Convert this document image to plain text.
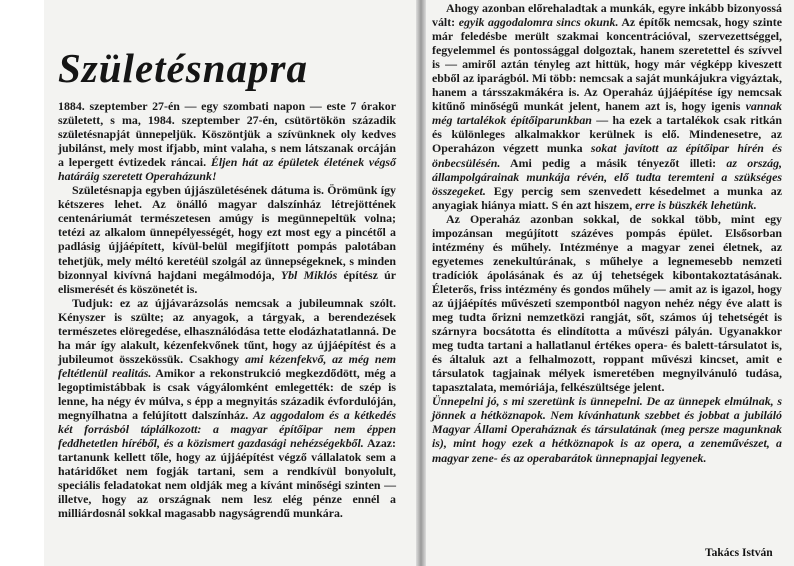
Születésnapra

1884. szeptember 27-én — egy szombati napon — este 7 órakor született, s ma, 1984. szeptember 27-én, csütörtökön századik születésnapját ünnepeljük. Köszöntjük a szívünknek oly kedves jubilánst, mely most ifjabb, mint valaha, s nem látszanak orcáján a lepergett évtizedek ráncai. Éljen hát az épületek életének végső határáig szeretett Operaházunk!

Születésnapja egyben újjászületésének dátuma is. Örömünk így kétszeres lehet. Az önálló magyar dalszínház létrejöttének centenáriumát természetesen amúgy is megünnepeltük volna; tetézi az alkalom ünnepélyességét, hogy ezt most egy a pincétől a padlásig újjáépített, kívül-belül megifjított pompás palotában tehetjük, mely méltó keretéül szolgál az ünnepségeknek, s minden bizonnyal kivívná hajdani megálmodója, Ybl Miklós építész úr elismerését és köszönetét is.

Tudjuk: ez az újjávarázsolás nemcsak a jubileumnak szólt. Kényszer is szülte; az anyagok, a tárgyak, a berendezések természetes elöregedése, elhasználódása tette elodázhatatlanná. De ha már így alakult, kézenfekvőnek tűnt, hogy az újjáépítést és a jubileumot összekössük. Csakhogy ami kézenfekvő, az még nem feltétlenül realitás. Amikor a rekonstrukció megkezdődött, még a legoptimistábbak is csak vágyálomként emlegették: de szép is lenne, ha négy év múlva, s épp a megnyitás századik évfordulóján, megnyílhatna a felújított dalszínház. Az aggodalom és a kétkedés két forrásból táplálkozott: a magyar építőipar nem éppen feddhetetlen híréből, és a közismert gazdasági nehézségekből. Azaz: tartanunk kellett tőle, hogy az újjáépítést végző vállalatok sem a határidőket nem fogják tartani, sem a rendkívül bonyolult, speciális feladatokat nem oldják meg a kívánt minőségi szinten — illetve, hogy az országnak nem lesz elég pénze ennél a milliárdosnál sokkal magasabb nagyságrendű munkára.

Ahogy azonban előrehaladtak a munkák, egyre inkább bizonyossá vált: egyik aggodalomra sincs okunk. Az építők nemcsak, hogy szinte már feledésbe merült szakmai koncentrációval, szervezettséggel, fegyelemmel és pontossággal dolgoztak, hanem szeretettel és szívvel is — amiről aztán tényleg azt hittük, hogy már végképp kiveszett ebből az iparágból. Mi több: nemcsak a saját munkájukra vigyáztak, hanem a társszakmákéra is. Az Operaház újjáépítése így nemcsak kitűnő minőségű munkát jelent, hanem azt is, hogy igenis vannak még tartalékok építőiparunkban — ha ezek a tartalékok csak ritkán és különleges alkalmakkor kerülnek is elő. Mindenesetre, az Operaházon végzett munka sokat javított az építőipar hírén és önbecsülésén. Ami pedig a másik tényezőt illeti: az ország, állampolgárainak munkája révén, elő tudta teremteni a szükséges összegeket. Egy percig sem szenvedett késedelmet a munka az anyagiak hiánya miatt. S én azt hiszem, erre is büszkék lehetünk.

Az Operaház azonban sokkal, de sokkal több, mint egy impozánsan megújított százéves pompás épület. Elsősorban intézmény és műhely. Intézménye a magyar zenei életnek, az egyetemes zenekultúrának, s műhelye a legnemesebb nemzeti tradíciók ápolásának és az új tehetségek kibontakoztatásának. Életerős, friss intézmény és gondos műhely — amit az is igazol, hogy az újjáépítés művészeti szempontból nagyon nehéz négy éve alatt is meg tudta őrizni nemzetközi rangját, sőt, számos új tehetségét is szárnyra bocsátotta és elindította a művészi pályán. Ugyanakkor meg tudta tartani a hallatlanul értékes opera- és balett-társulatot is, és általuk azt a felhalmozott, roppant művészi kincset, amit e társulatok tagjainak mélyek ismeretében megnyilvánuló tudása, tapasztalata, memóriája, felkészültsége jelent.

Ünnepelni jó, s mi szeretünk is ünnepelni. De az ünnepek elmúlnak, s jönnek a hétköznapok. Nem kívánhatunk szebbet és jobbat a jubiláló Magyar Állami Operaháznak és társulatának (meg persze magunknak is), mint hogy ezek a hétköznapok is az opera, a zeneművészet, a magyar zene- és az operabarátok ünnepnapjai legyenek.

Takács István
